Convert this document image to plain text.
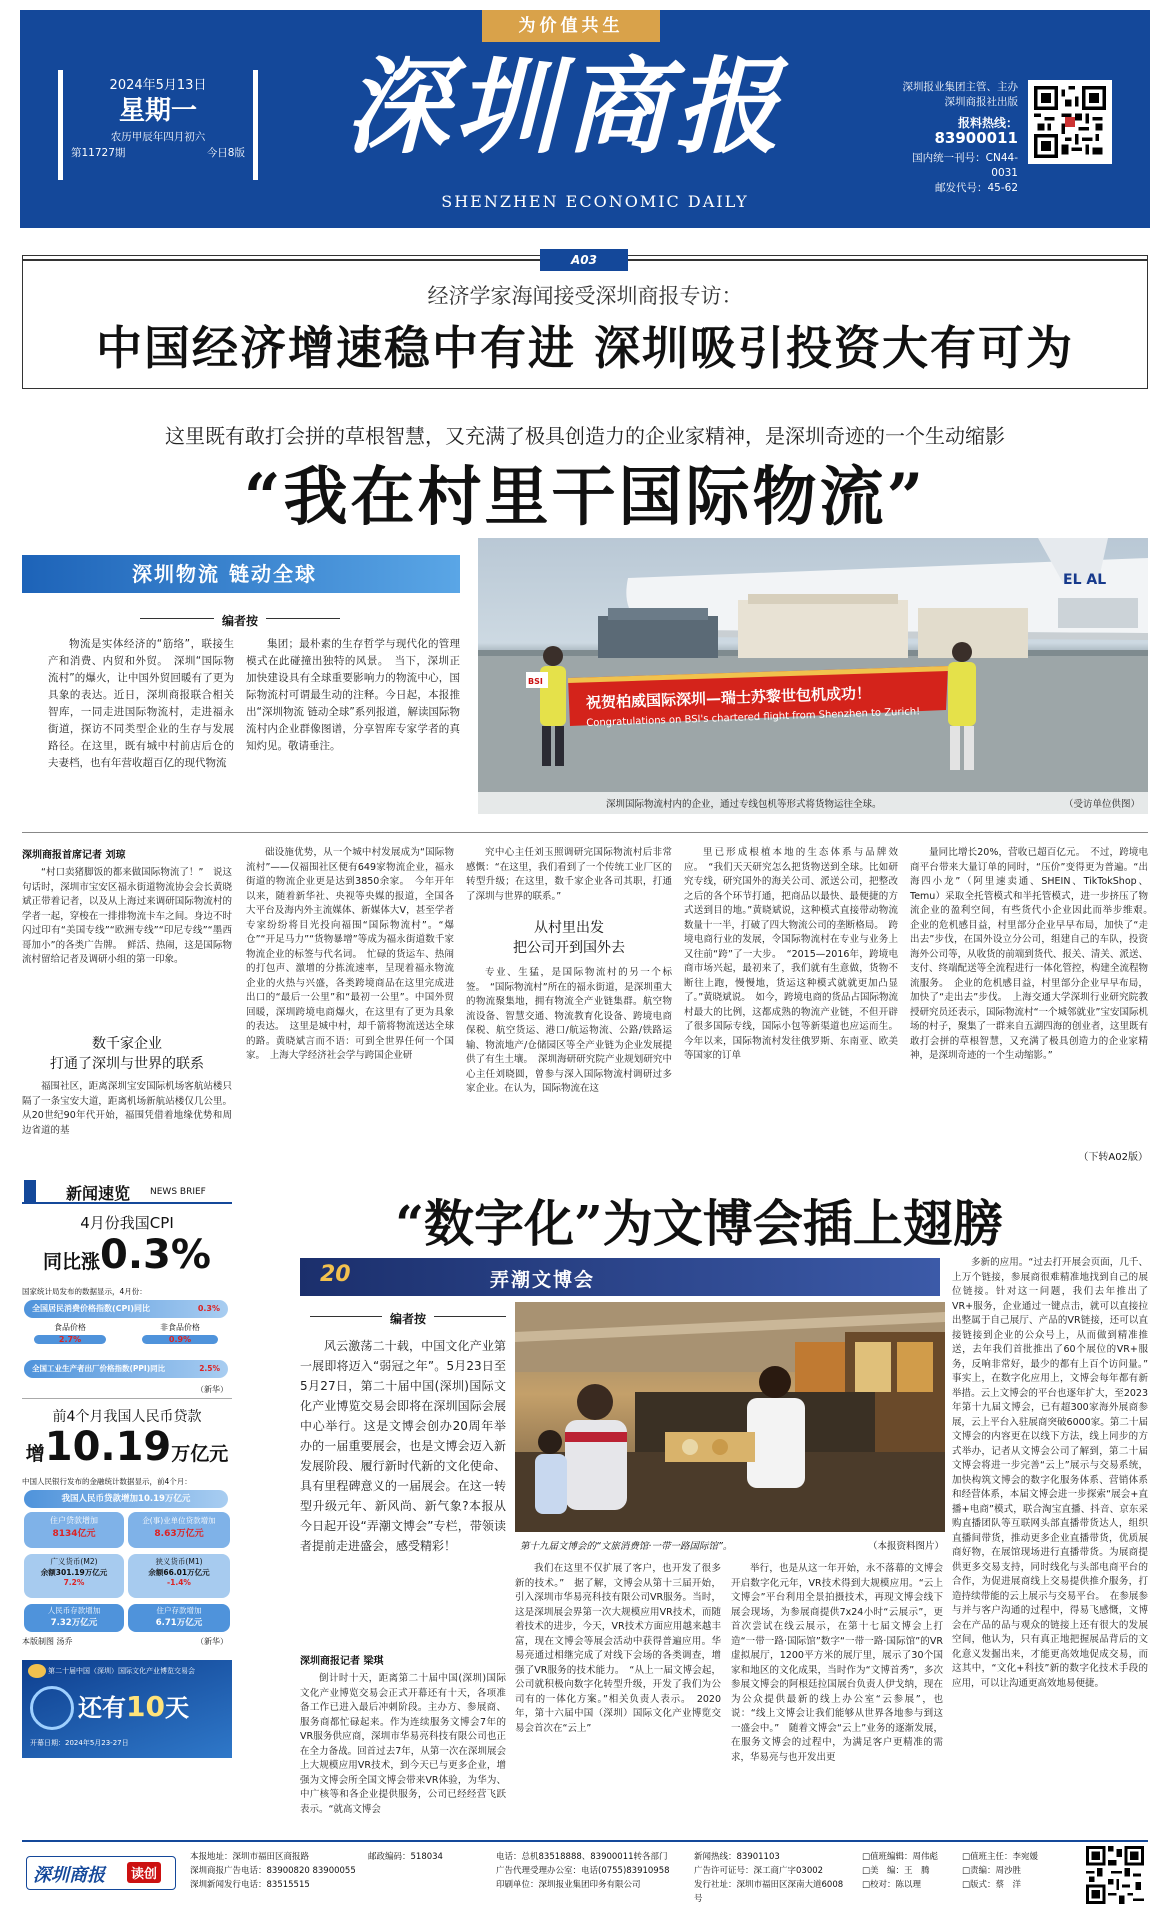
为价值共生
2024年5月13日
星期一
农历甲辰年四月初六
第11727期	今日8版 深圳商报
SHENZHEN ECONOMIC DAILY
深圳报业集团主管、主办
深圳商报社出版
报料热线：83900011
国内统一刊号：CN44-0031
邮发代号：45-62
经济学家海闻接受深圳商报专访：
中国经济增速稳中有进 深圳吸引投资大有可为
A03
这里既有敢打会拼的草根智慧，又充满了极具创造力的企业家精神，是深圳奇迹的一个生动缩影
“我在村里干国际物流”
深圳物流 链动全球
编者按

物流是实体经济的“筋络”，联接生产和消费、内贸和外贸。　深圳“国际物流村”的爆火，让中国外贸回暖有了更为具象的表达。近日，深圳商报联合相关智库，一同走进国际物流村，走进福永街道，探访不同类型企业的生存与发展路径。在这里，既有城中村前店后仓的夫妻档，也有年营收超百亿的现代物流

集团；最朴素的生存哲学与现代化的管理模式在此碰撞出独特的风景。　当下，深圳正加快建设具有全球重要影响力的物流中心，国际物流村可谓最生动的注释。今日起，本报推出“深圳物流 链动全球”系列报道，解读国际物流村内企业群像图谱，分享智库专家学者的真知灼见。敬请垂注。

EL AL
祝贺柏威国际深圳—瑞士苏黎世包机成功！
Congratulations on BSI's chartered flight from Shenzhen to Zurich!
BSI
深圳国际物流村内的企业，通过专线包机等形式将货物运往全球。	（受访单位供图）
深圳商报首席记者 刘琼

“村口卖猪脚饭的都来做国际物流了！”　说这句话时，深圳市宝安区福永街道物流协会会长黄晓斌正带着记者，以及从上海过来调研国际物流村的学者一起，穿梭在一排排物流卡车之间。身边不时闪过印有“美国专线”“欧洲专线”“印尼专线”“墨西哥加小”的各类广告牌。　鲜活、热闹，这是国际物流村留给记者及调研小组的第一印象。

数千家企业
打通了深圳与世界的联系

福围社区，距离深圳宝安国际机场客航站楼只隔了一条宝安大道，距离机场新航站楼仅几公里。从20世纪90年代开始，福围凭借着地缘优势和周边省道的基

础设施优势，从一个城中村发展成为“国际物流村”——仅福围社区便有649家物流企业，福永街道的物流企业更是达到3850余家。　今年开年以来，随着新华社、央视等央媒的报道，全国各大平台及海内外主流媒体、新媒体大V，甚至学者专家纷纷将目光投向福围“国际物流村”。“爆仓”“开足马力”“货物暴增”等成为福永街道数千家物流企业的标签与代名词。　忙碌的货运车、热闹的打包声、激增的分拣流速率，呈现着福永物流企业的火热与兴盛，各类跨境商品在这里完成进出口的“最后一公里”和“最初一公里”。中国外贸回暖，深圳跨境电商爆火，在这里有了更为具象的表达。　这里是城中村，却千箭将物流送达全球的路。黄晓斌言而不语：可到全世界任何一个国家。　上海大学经济社会学与跨国企业研

究中心主任刘玉照调研完国际物流村后非常感慨：“在这里，我们看到了一个传统工业厂区的转型升级；在这里，数千家企业各司其职，打通了深圳与世界的联系。”

从村里出发
把公司开到国外去

专业、生猛，是国际物流村的另一个标签。　“国际物流村”所在的福永街道，是深圳重大的物流聚集地，拥有物流全产业链集群。航空物流设备、智慧交通、物流教育化设备、跨境电商保税、航空货运、港口/航运物流、公路/铁路运输、物流地产/仓储园区等全产业链为企业发展提供了有生土壤。　深圳海研研究院产业规划研究中心主任刘晓圆，曾参与深入国际物流村调研过多家企业。在认为，国际物流在这

里已形成根植本地的生态体系与品牌效应。　“我们天天研究怎么把货物送到全球。比如研究专线，研究国外的海关公司、派送公司，把整改之后的各个环节打通，把商品以最快、最便捷的方式送到目的地。”黄晓斌说，这种模式直接带动物流数量十一半，打破了四大物流公司的垄断格局。　跨境电商行业的发展，令国际物流村在专业与业务上又往前“跨”了一大步。　“2015—2016年，跨境电商市场兴起，最初来了，我们就有生意做，货物不断往上跑，慢慢地，货运这种模式就就更加凸显了。”黄晓斌说。　如今，跨境电商的货品占国际物流村最大的比例，这都成熟的物流产业链，不但开辟了很多国际专线，国际小包等新渠道也应运而生。今年以来，国际物流村发往俄罗斯、东南亚、欧美等国家的订单

量同比增长20%，营收已超百亿元。　不过，跨境电商平台带来大量订单的同时，“压价”变得更为普遍。“出海四小龙”（阿里速卖通、SHEIN、TikTokShop、Temu）采取全托管模式和半托管模式，进一步挤压了物流企业的盈利空间，有些货代小企业因此而举步维艰。　企业的危机感目益，村里部分企业早早布局，加快了“走出去”步伐，在国外设立分公司，组建自己的车队，投资海外公司等，从收货的前端到货代、报关、清关、派送、支付、终端配送等全流程进行一体化管控，构建全流程物流服务。　企业的危机感目益，村里部分企业早早布局，加快了“走出去”步伐。　上海交通大学深圳行业研究院教授研究员还表示，国际物流村“一个城邻就业”宝安国际机场的村子，聚集了一群来自五湖四海的创业者，这里既有敢打会拼的草根智慧，又充满了极具创造力的企业家精神，是深圳奇迹的一个生动缩影。”

（下转A02版）
新闻速览 NEWS BRIEF
4月份我国CPI
同比涨0.3%
国家统计局发布的数据显示，4月份：
全国居民消费价格指数(CPI)同比	0.3%
食品价格
2.7%
非食品价格
0.9%
全国工业生产者出厂价格指数(PPI)同比	2.5%
（新华）
前4个月我国人民币贷款
增10.19万亿元
中国人民银行发布的金融统计数据显示，前4个月：
我国人民币贷款增加10.19万亿元
住户贷款增加
8134亿元
企(事)业单位贷款增加
8.63万亿元
广义货币(M2)
余额301.19万亿元
7.2%
狭义货币(M1)
余额66.01万亿元
-1.4%
人民币存款增加
7.32万亿元
住户存款增加
6.71万亿元
本版制图 汤乔	（新华）
第二十届中国（深圳）国际文化产业博览交易会
还有10天
开幕日期：2024年5月23-27日
“数字化”为文博会插上翅膀
20	弄潮文博会
编者按

风云激荡二十载，中国文化产业第一展即将迈入“弱冠之年”。5月23日至5月27日，第二十届中国(深圳)国际文化产业博览交易会即将在深圳国际会展中心举行。这是文博会创办20周年举办的一届重要展会，也是文博会迈入新发展阶段、履行新时代新的文化使命、具有里程碑意义的一届展会。在这一转型升级元年、新风尚、新气象?本报从今日起开设“弄潮文博会”专栏，带领读者提前走进盛会，感受精彩！

深圳商报记者 梁琪

倒计时十天，距离第二十届中国(深圳)国际文化产业博览交易会正式开幕还有十天，各项准备工作已进入最后冲刺阶段。主办方、参展商、服务商都忙碌起来。作为连续服务文博会7年的VR服务供应商，深圳市华易亮科技有限公司也正在全力备战。回首过去7年，从第一次在深圳展会上大规模应用VR技术，到今天已与更多企业，增强为文博会所全国文博会带来VR体验，为华为、中广核等和各企业提供服务，公司已经经营飞跃表示。“就高文博会

第十九届文博会的“文旅消费馆·一带一路国际馆”。	（本报资料图片）

我们在这里不仅扩展了客户，也开发了很多新的技术。”　据了解，文博会从第十三届开始，引入深圳市华易亮科技有限公司VR服务。当时，这是深圳展会界第一次大规模应用VR技术，而随着技术的进步，今天，VR技术方面应用越来越丰富，现在文博会等展会活动中获得普遍应用。华易亮通过相继完成了对线下会场的各类调查，增强了VR服务的技术能力。　“从上一届文博会起，公司就积极向数字化转型升级，开发了我们为公司有的一体化方案。”相关负责人表示。　2020年，第十六届中国（深圳）国际文化产业博览交易会首次在“云上”

举行，也是从这一年开始，永不落幕的文博会开启数字化元年，VR技术得到大规模应用。“云上文博会”平台利用全景拍摄技术，再现文博会线下展会现场，为参展商提供7x24小时“云展示”，更首次尝试在线云展示，在第十七届文博会上打造“一带一路·国际馆”数字“一带一路·国际馆”的VR虚拟展厅，1200平方米的展厅里，展示了30个国家和地区的文化成果，当时作为“文博首秀”，多次参展文博会的阿根廷拉国展台负责人伊戈纳，现在为公众提供最新的线上办公室“云参展”，也说：“线上文博会让我们能够从世界各地参与到这一盛会中。”　随着文博会“云上”业务的逐渐发展，在服务文博会的过程中，为满足客户更精准的需求，华易亮与也开发出更

多新的应用。“过去打开展会页面，几千、上万个链接，参展商很难精准地找到自己的展位链接。针对这一问题，我们去年推出了VR+服务，企业通过一键点击，就可以直接拉出整属于自己展厅、产品的VR链接，还可以直接链接到企业的公众号上，从而做到精准推送，去年我们首批推出了60个展位的VR+服务，反响非常好，最少的都有上百个访问量。”　事实上，在数字化应用上，文博会每年都有新举措。云上文博会的平台也逐年扩大，至2023年第十九届文博会，已有超300家海外展商参展，云上平台入驻展商突破6000家。第二十届文博会的内容更在以线下方法，线上同步的方式举办，记者从文博会公司了解到，第二十届文博会将进一步完善“云上”展示与交易系统，加快构筑文博会的数字化服务体系、营销体系和经营体系，本届文博会进一步探索“展会+直播+电商”模式，联合淘宝直播、抖音、京东采购直播团队等互联网头部直播带货达人，组织直播间带货，推动更多企业直播带货，优质展商好物，在展馆现场进行直播带货。为展商提供更多交易支持，同时线化与头部电商平台的合作，为促进展商线上交易提供推介服务，打造持续带能的云上展示与交易平台。　在参展参与并与客户沟通的过程中，得易飞感慨，文博会在产品的品与观众的链接上还有很大的发展空间，他认为，只有真正地把握展品背后的文化意义发掘出来，才能更高效地促成交易，而这其中，“文化+科技”新的数字化技术手段的应用，可以让沟通更高效地易便捷。

深圳商报	读创
本报地址：深圳市福田区商报路	邮政编码：518034	电话：总机83518888、83900011转各部门	新闻热线：83901103
深圳商报广告电话：83900820 83900055	广告代理受理办公室：电话(0755)83910958	广告许可证号：深工商广字03002
深圳新闻发行电话：83515515	印刷单位：深圳报业集团印务有限公司	发行社址：深圳市福田区深南大道6008号
□值班编辑：周伟彪	□值班主任：李宛媛
□美　编：王　腾	□责编：周沙胜
□校对：陈以理	□版式：蔡　洋
